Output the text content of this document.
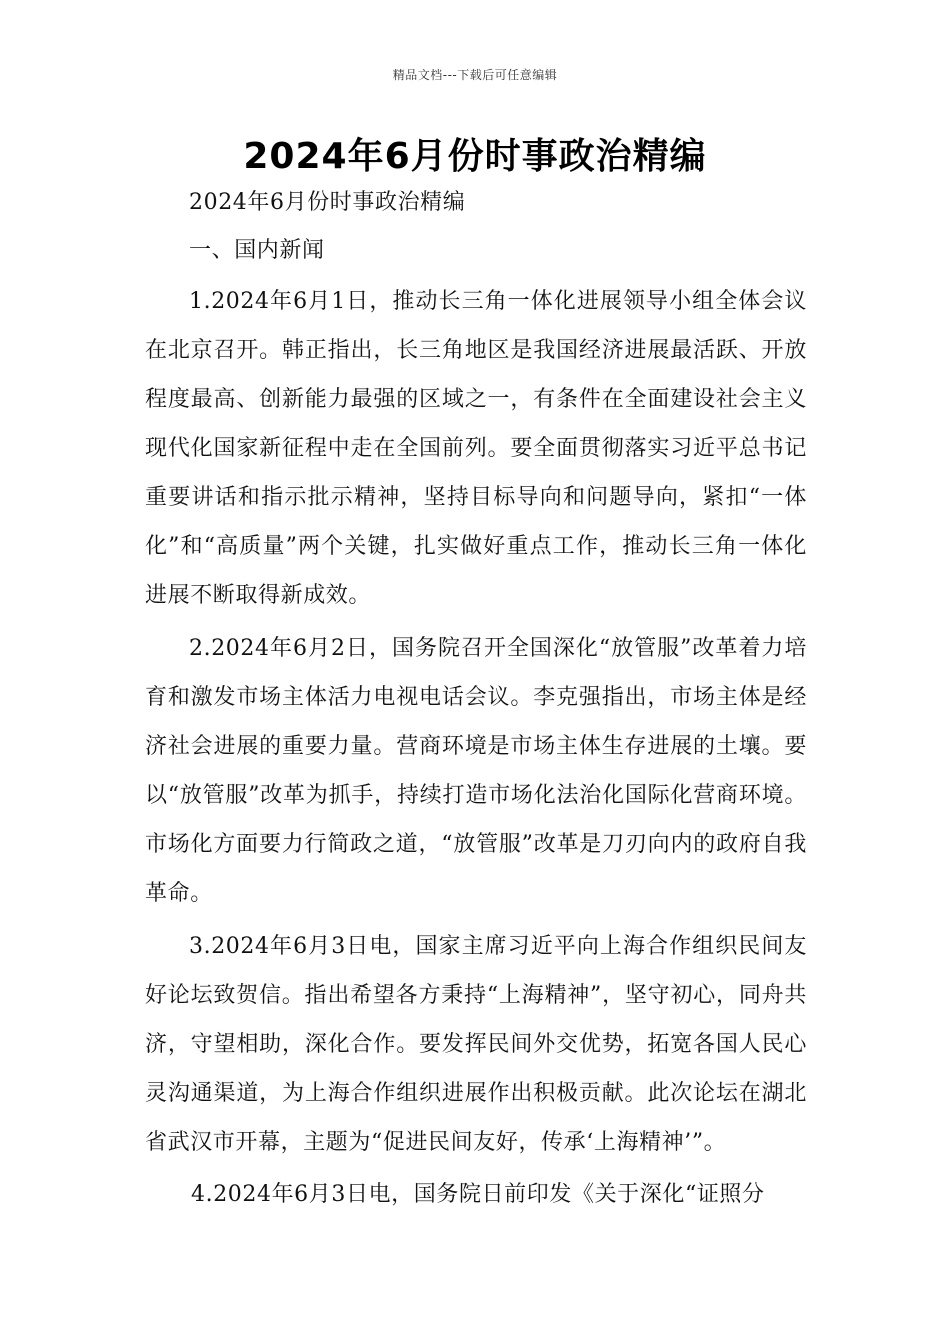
精品文档---下载后可任意编辑
2024年6月份时事政治精编

2024年6月份时事政治精编

一、国内新闻

1.2024年6月1日，推动长三角一体化进展领导小组全体会议在北京召开。韩正指出，长三角地区是我国经济进展最活跃、开放程度最高、创新能力最强的区域之一，有条件在全面建设社会主义现代化国家新征程中走在全国前列。要全面贯彻落实习近平总书记重要讲话和指示批示精神，坚持目标导向和问题导向，紧扣“一体化”和“高质量”两个关键，扎实做好重点工作，推动长三角一体化进展不断取得新成效。

2.2024年6月2日，国务院召开全国深化“放管服”改革着力培育和激发市场主体活力电视电话会议。李克强指出，市场主体是经济社会进展的重要力量。营商环境是市场主体生存进展的土壤。要以“放管服”改革为抓手，持续打造市场化法治化国际化营商环境。市场化方面要力行简政之道，“放管服”改革是刀刃向内的政府自我革命。

3.2024年6月3日电，国家主席习近平向上海合作组织民间友好论坛致贺信。指出希望各方秉持“上海精神”，坚守初心，同舟共济，守望相助，深化合作。要发挥民间外交优势，拓宽各国人民心灵沟通渠道，为上海合作组织进展作出积极贡献。此次论坛在湖北省武汉市开幕，主题为“促进民间友好，传承‘上海精神’”。

4.2024年6月3日电，国务院日前印发《关于深化“证照分
